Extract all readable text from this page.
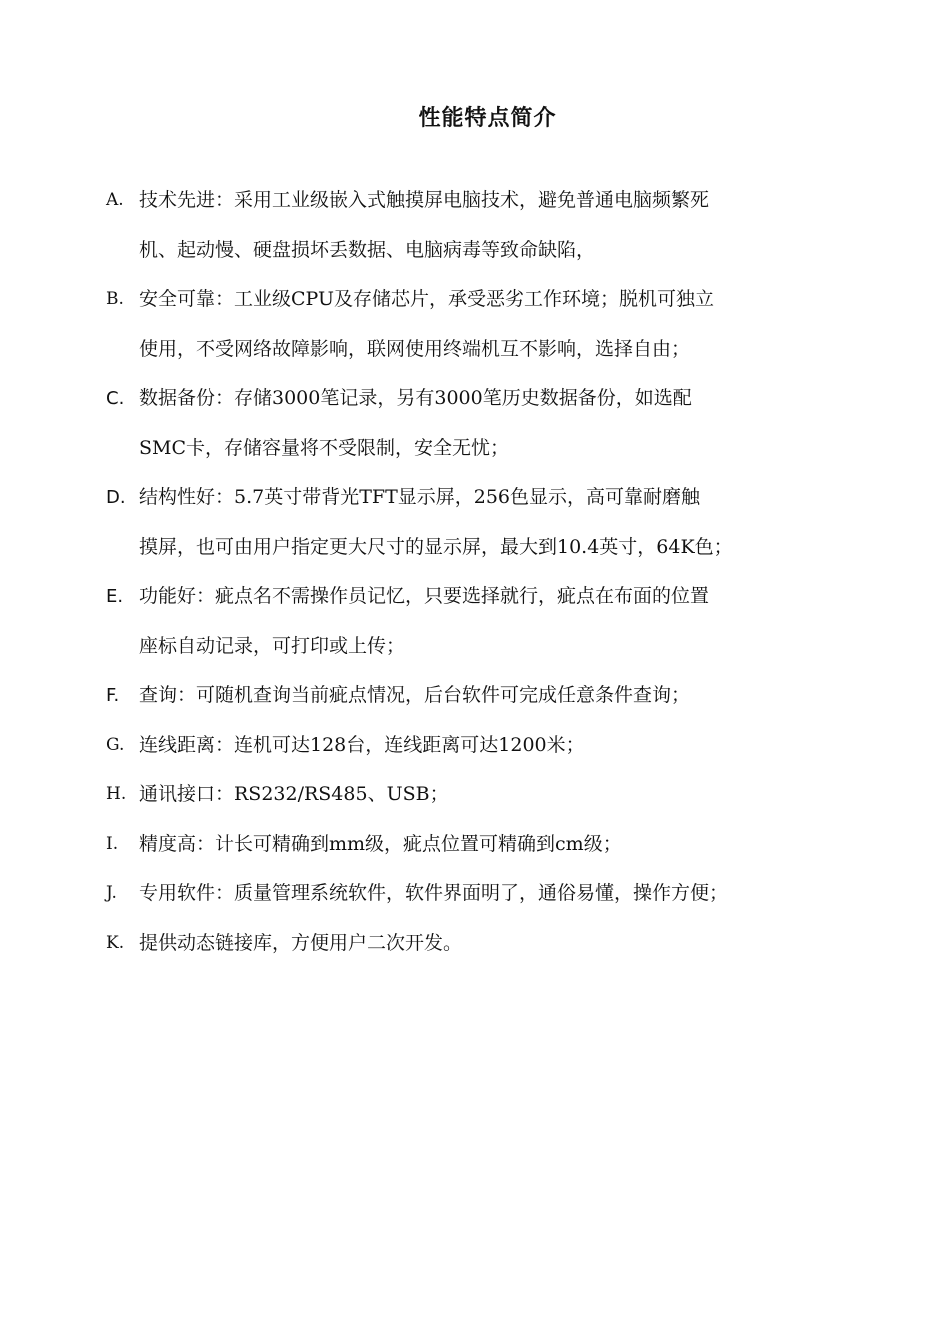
性能特点简介
A. 技术先进：采用工业级嵌入式触摸屏电脑技术，避免普通电脑频繁死
机、起动慢、硬盘损坏丢数据、电脑病毒等致命缺陷，
B. 安全可靠：工业级CPU及存储芯片，承受恶劣工作环境；脱机可独立
使用，不受网络故障影响，联网使用终端机互不影响，选择自由；
C. 数据备份：存储3000笔记录，另有3000笔历史数据备份，如选配
SMC卡，存储容量将不受限制，安全无忧；
D. 结构性好：5.7英寸带背光TFT显示屏，256色显示，高可靠耐磨触
摸屏，也可由用户指定更大尺寸的显示屏，最大到10.4英寸，64K色；
E. 功能好：疵点名不需操作员记忆，只要选择就行，疵点在布面的位置
座标自动记录，可打印或上传；
F. 查询：可随机查询当前疵点情况，后台软件可完成任意条件查询；
G. 连线距离：连机可达128台，连线距离可达1200米；
H. 通讯接口：RS232/RS485、USB；
I. 精度高：计长可精确到mm级，疵点位置可精确到cm级；
J. 专用软件：质量管理系统软件，软件界面明了，通俗易懂，操作方便；
K. 提供动态链接库，方便用户二次开发。
